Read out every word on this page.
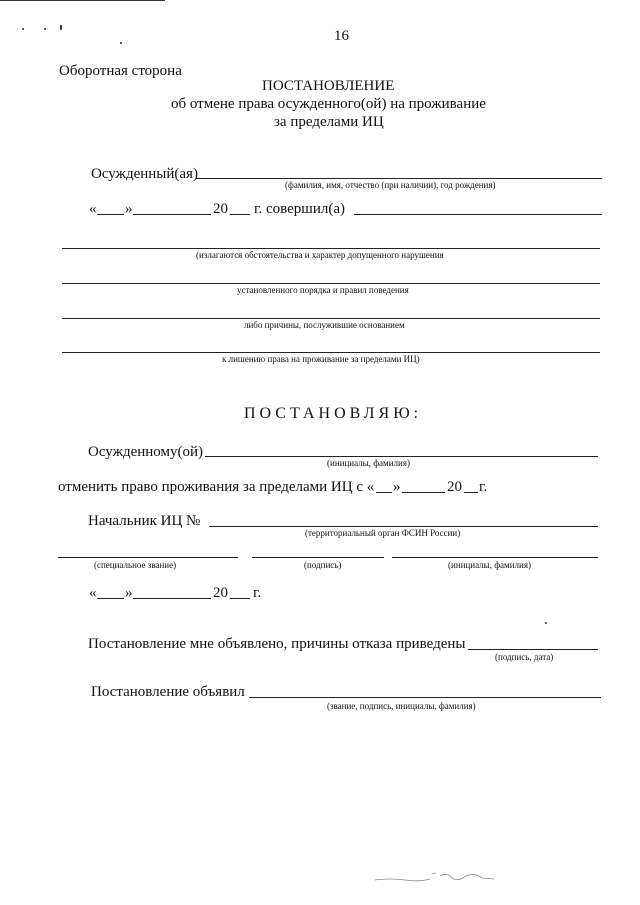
16
Оборотная сторона
ПОСТАНОВЛЕНИЕ
об отмене права осужденного(ой) на проживание
за пределами ИЦ
Осужденный(ая)
(фамилия, имя, отчество (при наличии), год рождения)
« »	20 г. совершил(а)
(излагаются обстоятельства и характер допущенного нарушения
установленного порядка и правил поведения
либо причины, послужившие основанием
к лишению права на проживание за пределами ИЦ)
ПОСТАНОВЛЯЮ:
Осужденному(ой)
(инициалы, фамилия)
отменить право проживания за пределами ИЦ с « »	20 г.
Начальник ИЦ №
(территориальный орган ФСИН России)
(специальное звание)	(подпись)	(инициалы, фамилия)
« »	20 г.
Постановление мне объявлено, причины отказа приведены
(подпись, дата)
Постановление объявил
(звание, подпись, инициалы, фамилия)
